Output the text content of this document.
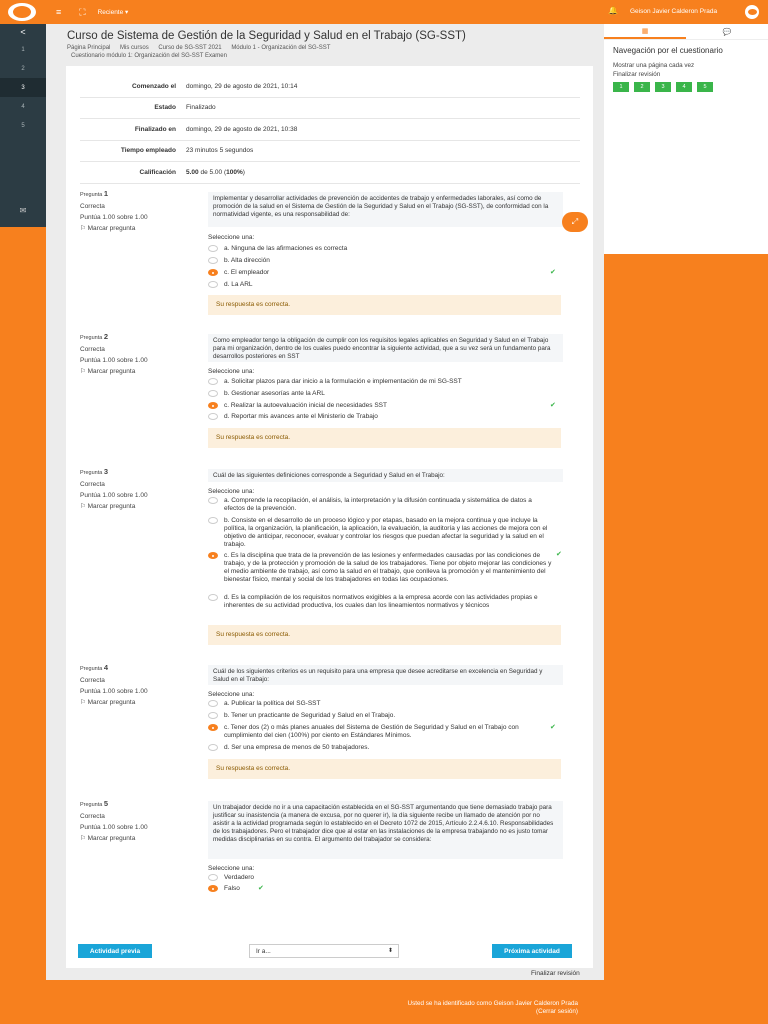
≡ ⛶ Reciente ▾	🔔 Geison Javier Calderon Prada
<
1
2
3
4
5
✉
Curso de Sistema de Gestión de la Seguridad y Salud en el Trabajo (SG-SST)
Página Principal Mis cursos Curso de SG-SST 2021 Módulo 1 - Organización del SG-SST
Cuestionario módulo 1: Organización del SG-SST Examen
Comenzado el domingo, 29 de agosto de 2021, 10:14
Estado Finalizado
Finalizado en domingo, 29 de agosto de 2021, 10:38
Tiempo empleado 23 minutos 5 segundos
Calificación 5.00 de 5.00 (100%)
Pregunta 1
Correcta
Puntúa 1.00 sobre 1.00
⚐ Marcar pregunta
Implementar y desarrollar actividades de prevención de accidentes de trabajo y enfermedades laborales, así como de promoción de la salud en el Sistema de Gestión de la Seguridad y Salud en el Trabajo (SG-SST), de conformidad con la normatividad vigente, es una responsabilidad de:
Seleccione una:
a. Ninguna de las afirmaciones es correcta
b. Alta dirección
c. El empleador	✔
d. La ARL
Su respuesta es correcta.
Pregunta 2
Correcta
Puntúa 1.00 sobre 1.00
⚐ Marcar pregunta
Como empleador tengo la obligación de cumplir con los requisitos legales aplicables en Seguridad y Salud en el Trabajo para mi organización, dentro de los cuales puedo encontrar la siguiente actividad, que a su vez será un fundamento para desarrollos posteriores en SST
Seleccione una:
a. Solicitar plazos para dar inicio a la formulación e implementación de mi SG-SST
b. Gestionar asesorías ante la ARL
c. Realizar la autoevaluación inicial de necesidades SST	✔
d. Reportar mis avances ante el Ministerio de Trabajo
Su respuesta es correcta.
Pregunta 3
Correcta
Puntúa 1.00 sobre 1.00
⚐ Marcar pregunta
Cuál de las siguientes definiciones corresponde a Seguridad y Salud en el Trabajo:
Seleccione una:
a. Comprende la recopilación, el análisis, la interpretación y la difusión continuada y sistemática de datos a efectos de la prevención.
b. Consiste en el desarrollo de un proceso lógico y por etapas, basado en la mejora continua y que incluye la política, la organización, la planificación, la aplicación, la evaluación, la auditoría y las acciones de mejora con el objetivo de anticipar, reconocer, evaluar y controlar los riesgos que puedan afectar la seguridad y la salud en el trabajo.
c. Es la disciplina que trata de la prevención de las lesiones y enfermedades causadas por las condiciones de trabajo, y de la protección y promoción de la salud de los trabajadores. Tiene por objeto mejorar las condiciones y el medio ambiente de trabajo, así como la salud en el trabajo, que conlleva la promoción y el mantenimiento del bienestar físico, mental y social de los trabajadores en todas las ocupaciones.
✔
d. Es la compilación de los requisitos normativos exigibles a la empresa acorde con las actividades propias e inherentes de su actividad productiva, los cuales dan los lineamientos normativos y técnicos
Su respuesta es correcta.
Pregunta 4
Correcta
Puntúa 1.00 sobre 1.00
⚐ Marcar pregunta
Cuál de los siguientes criterios es un requisito para una empresa que desee acreditarse en excelencia en Seguridad y Salud en el Trabajo:
Seleccione una:
a. Publicar la política del SG-SST
b. Tener un practicante de Seguridad y Salud en el Trabajo.
c. Tener dos (2) o más planes anuales del Sistema de Gestión de Seguridad y Salud en el Trabajo con cumplimiento del cien (100%) por ciento en Estándares Mínimos.
✔
d. Ser una empresa de menos de 50 trabajadores.
Su respuesta es correcta.
Pregunta 5
Correcta
Puntúa 1.00 sobre 1.00
⚐ Marcar pregunta
Un trabajador decide no ir a una capacitación establecida en el SG-SST argumentando que tiene demasiado trabajo para justificar su inasistencia (a manera de excusa, por no querer ir), la día siguiente recibe un llamado de atención por no asistir a la actividad programada según lo establecido en el Decreto 1072 de 2015, Artículo 2.2.4.6.10. Responsabilidades de los trabajadores. Pero el trabajador dice que al estar en las instalaciones de la empresa trabajando no es justo tomar medidas disciplinarias en su contra. El argumento del trabajador se considera:
Seleccione una:
Verdadero
Falso	✔
Finalizar revisión
⤢
Actividad previa	Ir a...	⬍	Próxima actividad
▦	💬
Navegación por el cuestionario
Mostrar una página cada vez
Finalizar revisión
1	2	3	4	5
Usted se ha identificado como Geison Javier Calderon Prada
(Cerrar sesión)
